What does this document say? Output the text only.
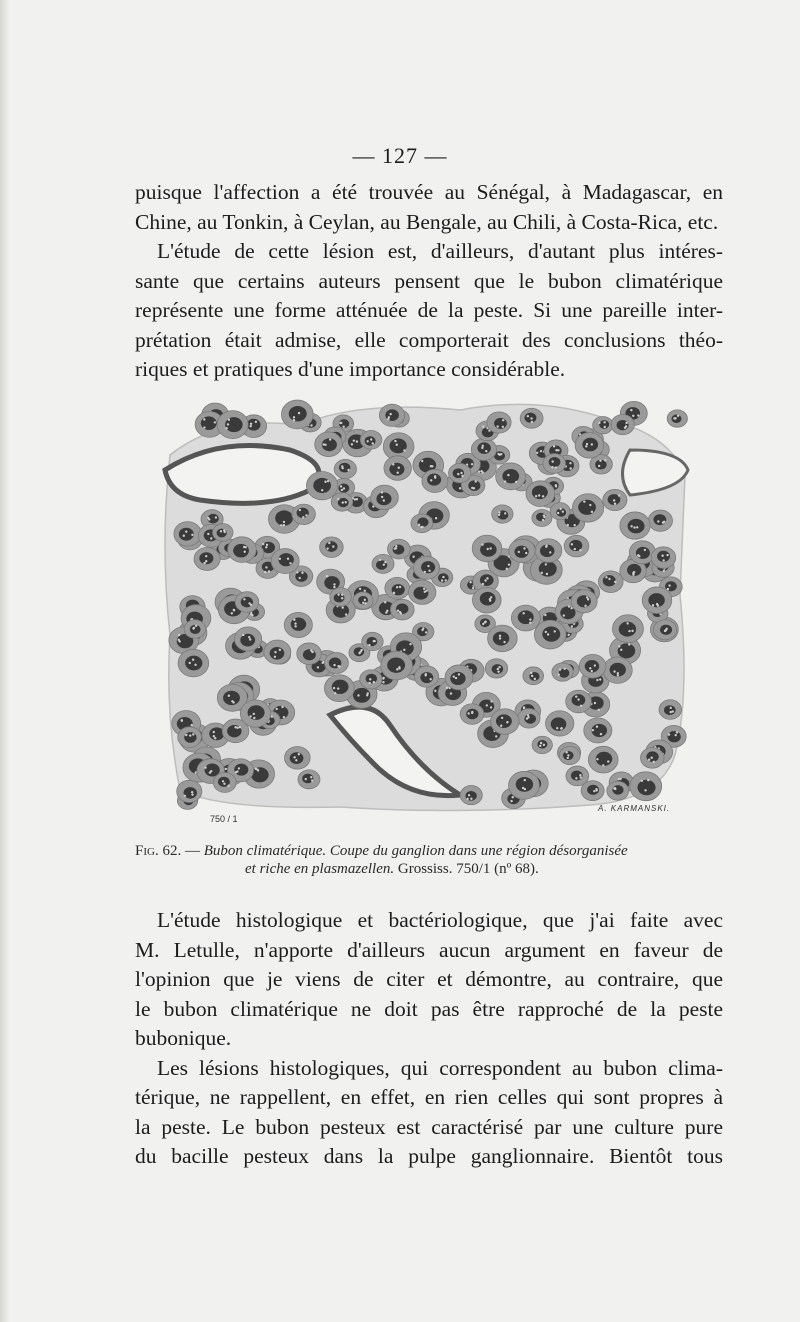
— 127 —

puisque l'affection a été trouvée au Sénégal, à Madagascar, en
Chine, au Tonkin, à Ceylan, au Bengale, au Chili, à Costa-Rica, etc.

L'étude de cette lésion est, d'ailleurs, d'autant plus intéres-
sante que certains auteurs pensent que le bubon climatérique
représente une forme atténuée de la peste. Si une pareille inter-
prétation était admise, elle comporterait des conclusions théo-
riques et pratiques d'une importance considérable.

A. KARMANSKI.
750 / 1
Fig. 62. — Bubon climatérique. Coupe du ganglion dans une région désorganisée
et riche en plasmazellen. Grossiss. 750/1 (nº 68).

L'étude histologique et bactériologique, que j'ai faite avec
M. Letulle, n'apporte d'ailleurs aucun argument en faveur de
l'opinion que je viens de citer et démontre, au contraire, que
le bubon climatérique ne doit pas être rapproché de la peste
bubonique.

Les lésions histologiques, qui correspondent au bubon clima-
térique, ne rappellent, en effet, en rien celles qui sont propres à
la peste. Le bubon pesteux est caractérisé par une culture pure
du bacille pesteux dans la pulpe ganglionnaire. Bientôt tous
